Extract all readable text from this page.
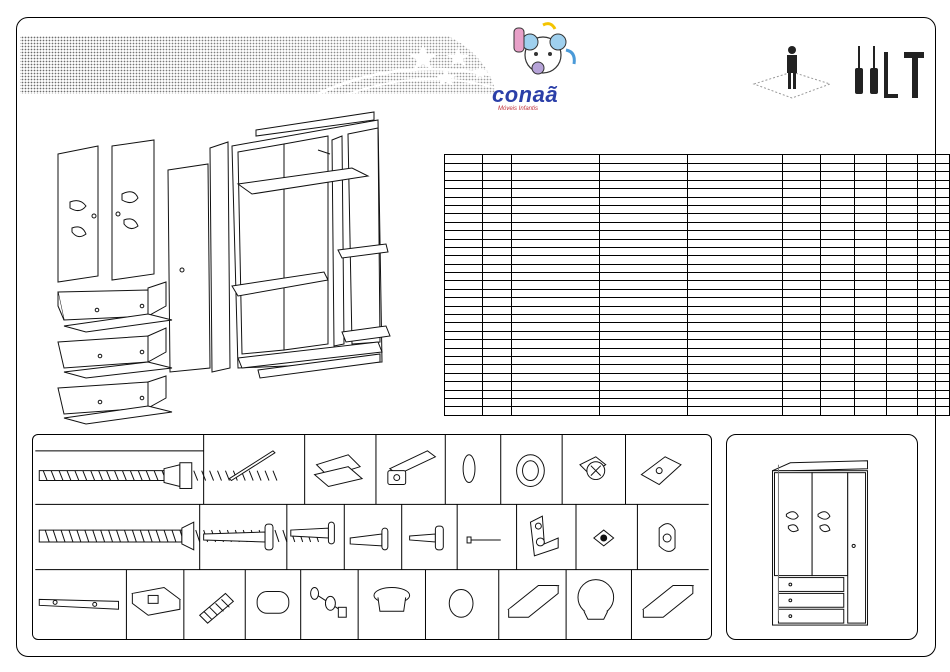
conaã
Móveis Infantis
